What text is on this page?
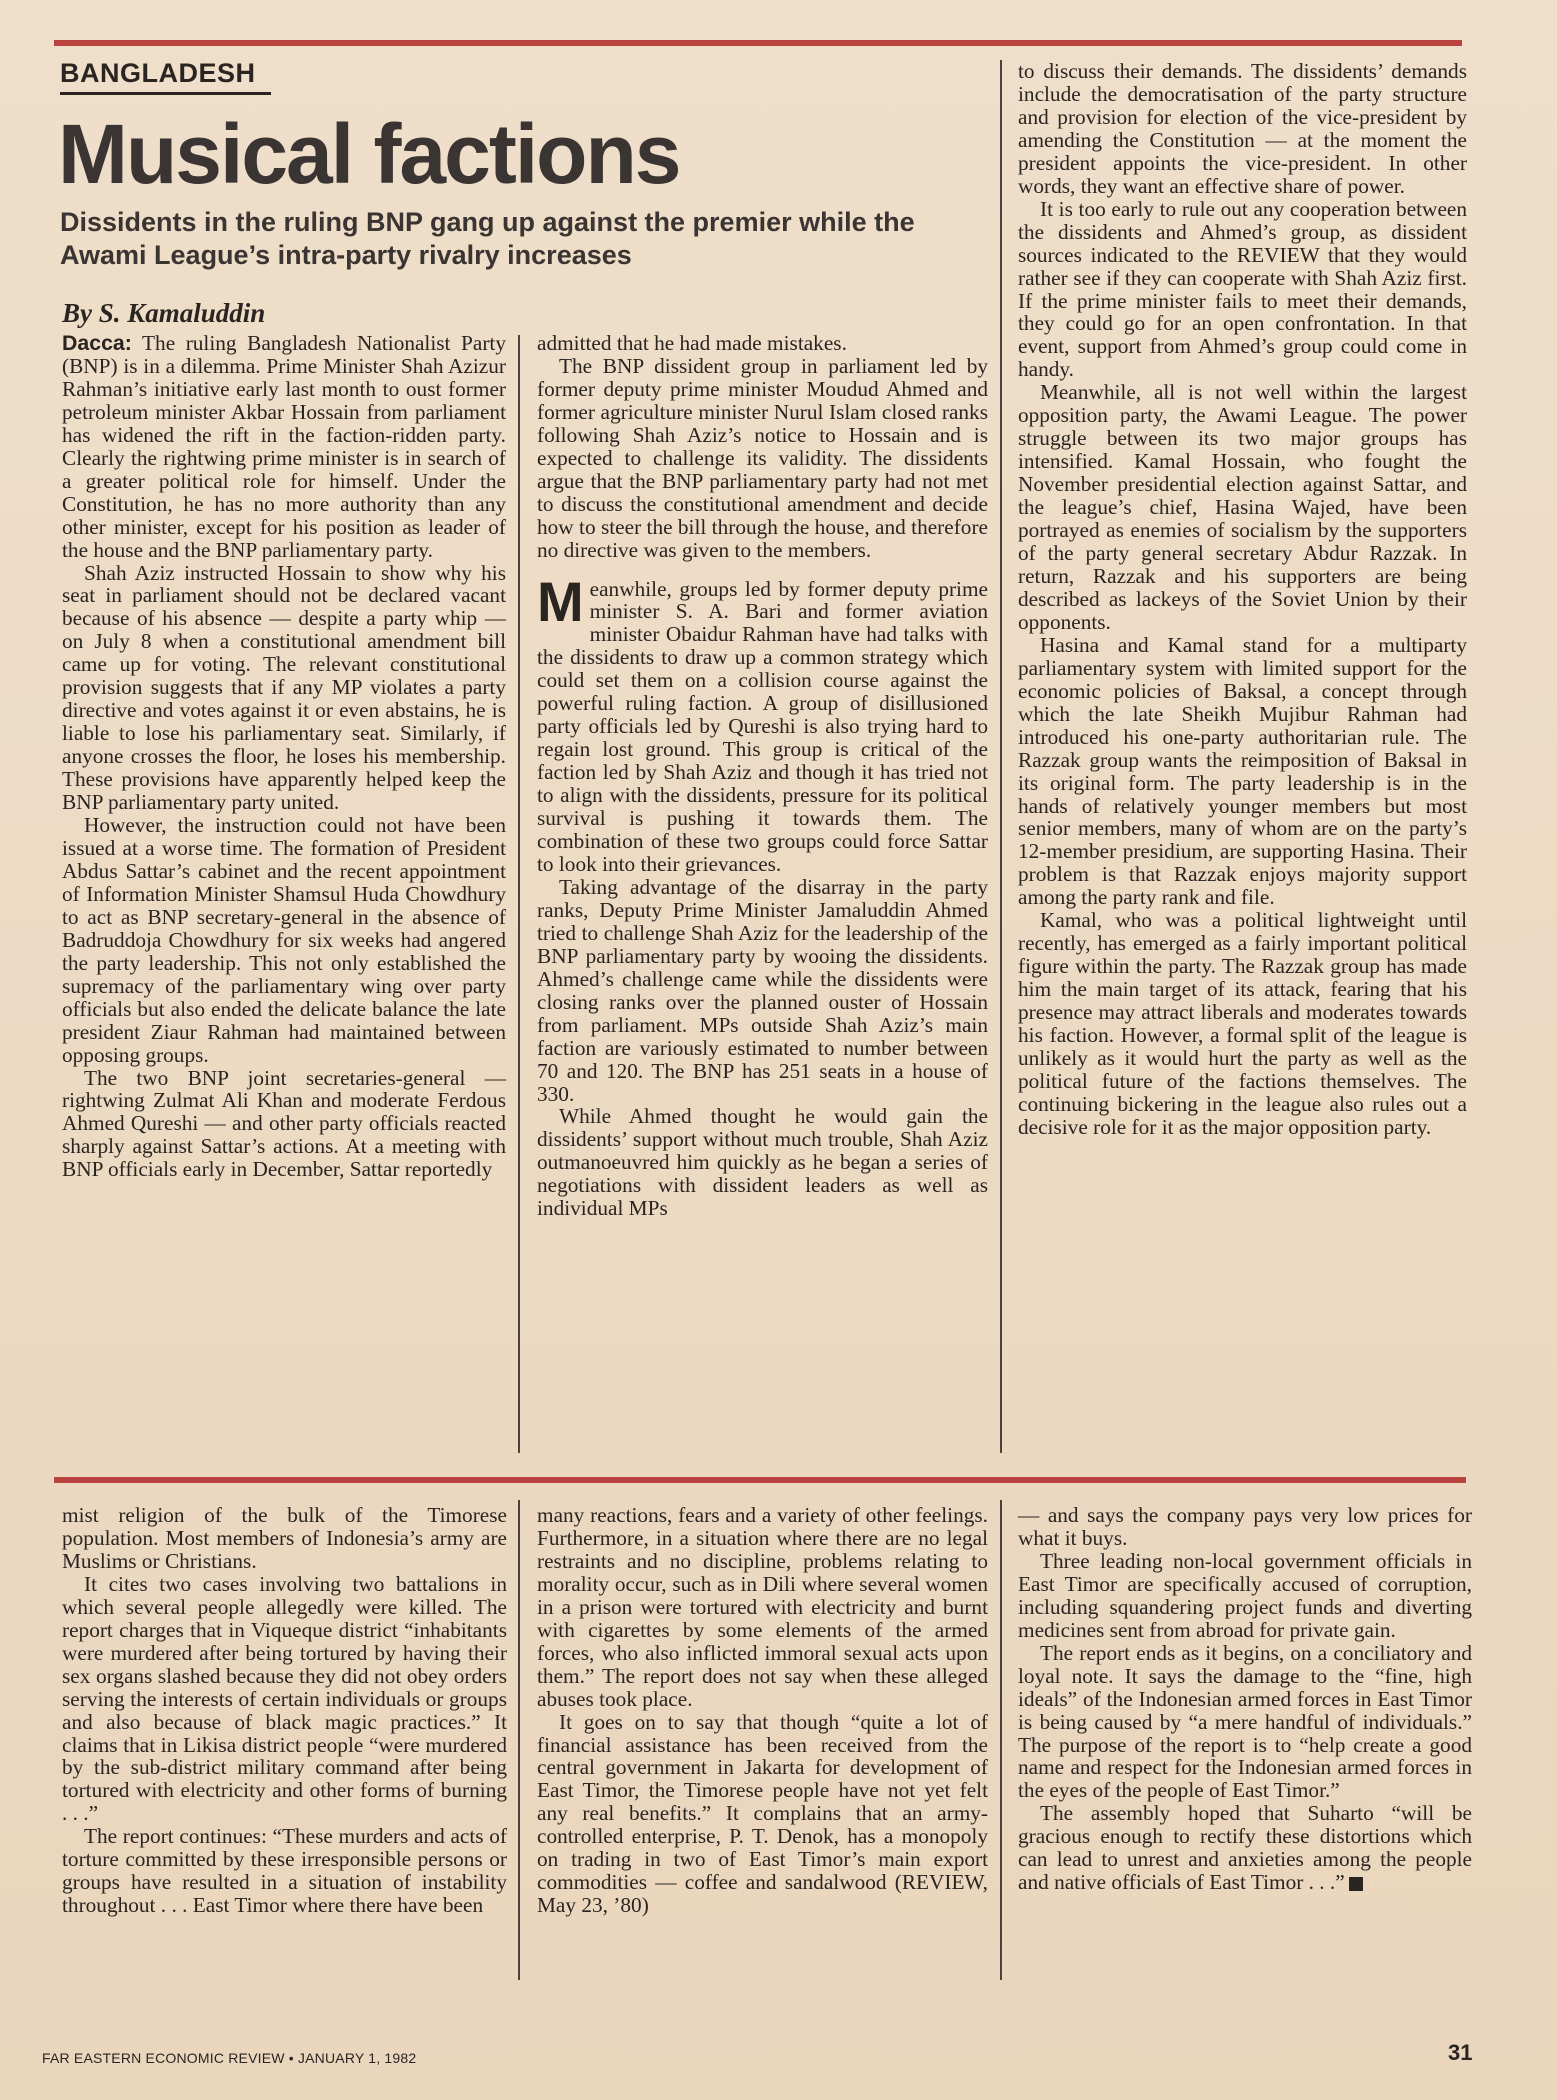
BANGLADESH
Musical factions
Dissidents in the ruling BNP gang up against the premier while the Awami League’s intra-party rivalry increases
By S. Kamaluddin

Dacca: The ruling Bangladesh Nationalist Party (BNP) is in a dilemma. Prime Minister Shah Azizur Rahman’s initiative early last month to oust former petroleum minister Akbar Hossain from parliament has widened the rift in the faction-ridden party. Clearly the rightwing prime minister is in search of a greater political role for himself. Under the Constitution, he has no more authority than any other minister, except for his position as leader of the house and the BNP parliamentary party.

Shah Aziz instructed Hossain to show why his seat in parliament should not be declared vacant because of his absence — despite a party whip — on July 8 when a constitutional amendment bill came up for voting. The relevant constitutional provision suggests that if any MP violates a party directive and votes against it or even abstains, he is liable to lose his parliamentary seat. Similarly, if anyone crosses the floor, he loses his membership. These provisions have apparently helped keep the BNP parliamentary party united.

However, the instruction could not have been issued at a worse time. The formation of President Abdus Sattar’s cabinet and the recent appointment of Information Minister Shamsul Huda Chowdhury to act as BNP secretary-general in the absence of Badruddoja Chowdhury for six weeks had angered the party leadership. This not only established the supremacy of the parliamentary wing over party officials but also ended the delicate balance the late president Ziaur Rahman had maintained between opposing groups.

The two BNP joint secretaries-general — rightwing Zulmat Ali Khan and moderate Ferdous Ahmed Qureshi — and other party officials reacted sharply against Sattar’s actions. At a meeting with BNP officials early in December, Sattar reportedly

admitted that he had made mistakes.

The BNP dissident group in parliament led by former deputy prime minister Moudud Ahmed and former agriculture minister Nurul Islam closed ranks following Shah Aziz’s notice to Hossain and is expected to challenge its validity. The dissidents argue that the BNP parliamentary party had not met to discuss the constitutional amendment and decide how to steer the bill through the house, and therefore no directive was given to the members.

Meanwhile, groups led by former deputy prime minister S. A. Bari and former aviation minister Obaidur Rahman have had talks with the dissidents to draw up a common strategy which could set them on a collision course against the powerful ruling faction. A group of disillusioned party officials led by Qureshi is also trying hard to regain lost ground. This group is critical of the faction led by Shah Aziz and though it has tried not to align with the dissidents, pressure for its political survival is pushing it towards them. The combination of these two groups could force Sattar to look into their grievances.

Taking advantage of the disarray in the party ranks, Deputy Prime Minister Jamaluddin Ahmed tried to challenge Shah Aziz for the leadership of the BNP parliamentary party by wooing the dissidents. Ahmed’s challenge came while the dissidents were closing ranks over the planned ouster of Hossain from parliament. MPs outside Shah Aziz’s main faction are variously estimated to number between 70 and 120. The BNP has 251 seats in a house of 330.

While Ahmed thought he would gain the dissidents’ support without much trouble, Shah Aziz outmanoeuvred him quickly as he began a series of negotiations with dissident leaders as well as individual MPs

to discuss their demands. The dissidents’ demands include the democratisation of the party structure and provision for election of the vice-president by amending the Constitution — at the moment the president appoints the vice-president. In other words, they want an effective share of power.

It is too early to rule out any cooperation between the dissidents and Ahmed’s group, as dissident sources indicated to the REVIEW that they would rather see if they can cooperate with Shah Aziz first. If the prime minister fails to meet their demands, they could go for an open confrontation. In that event, support from Ahmed’s group could come in handy.

Meanwhile, all is not well within the largest opposition party, the Awami League. The power struggle between its two major groups has intensified. Kamal Hossain, who fought the November presidential election against Sattar, and the league’s chief, Hasina Wajed, have been portrayed as enemies of socialism by the supporters of the party general secretary Abdur Razzak. In return, Razzak and his supporters are being described as lackeys of the Soviet Union by their opponents.

Hasina and Kamal stand for a multiparty parliamentary system with limited support for the economic policies of Baksal, a concept through which the late Sheikh Mujibur Rahman had introduced his one-party authoritarian rule. The Razzak group wants the reimposition of Baksal in its original form. The party leadership is in the hands of relatively younger members but most senior members, many of whom are on the party’s 12-member presidium, are supporting Hasina. Their problem is that Razzak enjoys majority support among the party rank and file.

Kamal, who was a political lightweight until recently, has emerged as a fairly important political figure within the party. The Razzak group has made him the main target of its attack, fearing that his presence may attract liberals and moderates towards his faction. However, a formal split of the league is unlikely as it would hurt the party as well as the political future of the factions themselves. The continuing bickering in the league also rules out a decisive role for it as the major opposition party.

mist religion of the bulk of the Timorese population. Most members of Indonesia’s army are Muslims or Christians.

It cites two cases involving two battalions in which several people allegedly were killed. The report charges that in Viqueque district “inhabitants were murdered after being tortured by having their sex organs slashed because they did not obey orders serving the interests of certain individuals or groups and also because of black magic practices.” It claims that in Likisa district people “were murdered by the sub-district military command after being tortured with electricity and other forms of burning . . .”

The report continues: “These murders and acts of torture committed by these irresponsible persons or groups have resulted in a situation of instability throughout . . . East Timor where there have been

many reactions, fears and a variety of other feelings. Furthermore, in a situation where there are no legal restraints and no discipline, problems relating to morality occur, such as in Dili where several women in a prison were tortured with electricity and burnt with cigarettes by some elements of the armed forces, who also inflicted immoral sexual acts upon them.” The report does not say when these alleged abuses took place.

It goes on to say that though “quite a lot of financial assistance has been received from the central government in Jakarta for development of East Timor, the Timorese people have not yet felt any real benefits.” It complains that an army-controlled enterprise, P. T. Denok, has a monopoly on trading in two of East Timor’s main export commodities — coffee and sandalwood (REVIEW, May 23, ’80)

— and says the company pays very low prices for what it buys.

Three leading non-local government officials in East Timor are specifically accused of corruption, including squandering project funds and diverting medicines sent from abroad for private gain.

The report ends as it begins, on a conciliatory and loyal note. It says the damage to the “fine, high ideals” of the Indonesian armed forces in East Timor is being caused by “a mere handful of individuals.” The purpose of the report is to “help create a good name and respect for the Indonesian armed forces in the eyes of the people of East Timor.”

The assembly hoped that Suharto “will be gracious enough to rectify these distortions which can lead to unrest and anxieties among the people and native officials of East Timor . . .” F

FAR EASTERN ECONOMIC REVIEW • JANUARY 1, 1982	31
